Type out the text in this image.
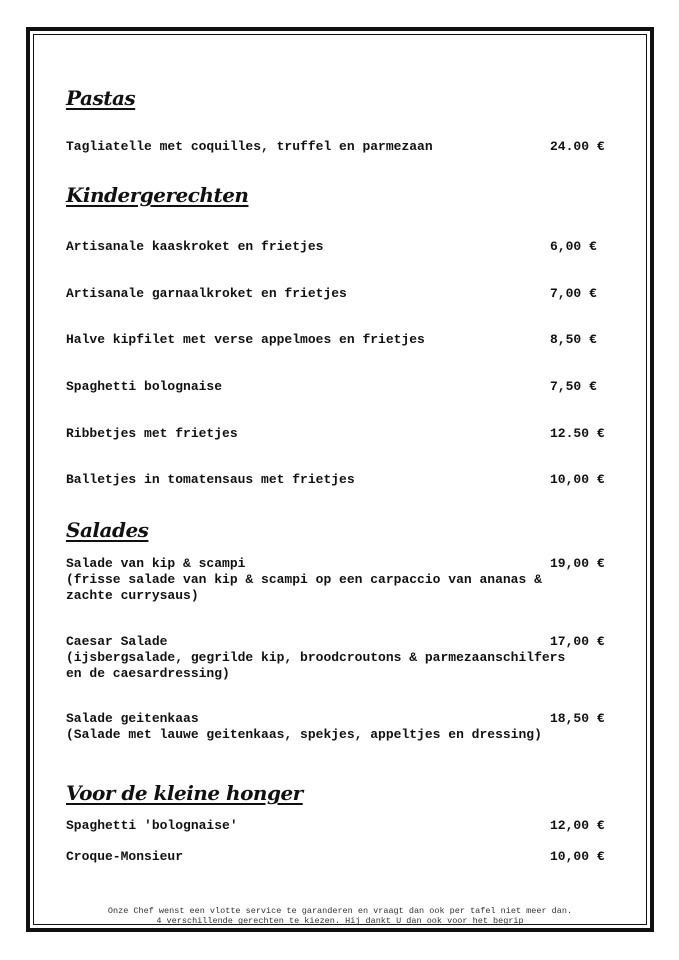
Pastas
Tagliatelle met coquilles, truffel en parmezaan	24.00 €
Kindergerechten
Artisanale kaaskroket en frietjes	6,00 €
Artisanale garnaalkroket en frietjes	7,00 €
Halve kipfilet met verse appelmoes en frietjes	8,50 €
Spaghetti bolognaise	7,50 €
Ribbetjes met frietjes	12.50 €
Balletjes in tomatensaus met frietjes	10,00 €
Salades
Salade van kip & scampi	19,00 €
(frisse salade van kip & scampi op een carpaccio van ananas &
zachte currysaus)
Caesar Salade	17,00 €
(ijsbergsalade, gegrilde kip, broodcroutons & parmezaanschilfers
en de caesardressing)
Salade geitenkaas	18,50 €
(Salade met lauwe geitenkaas, spekjes, appeltjes en dressing)
Voor de kleine honger
Spaghetti 'bolognaise'	12,00 €
Croque-Monsieur	10,00 €
Onze Chef wenst een vlotte service te garanderen en vraagt dan ook per tafel niet meer dan.

4 verschillende gerechten te kiezen. Hij dankt U dan ook voor het begrip
